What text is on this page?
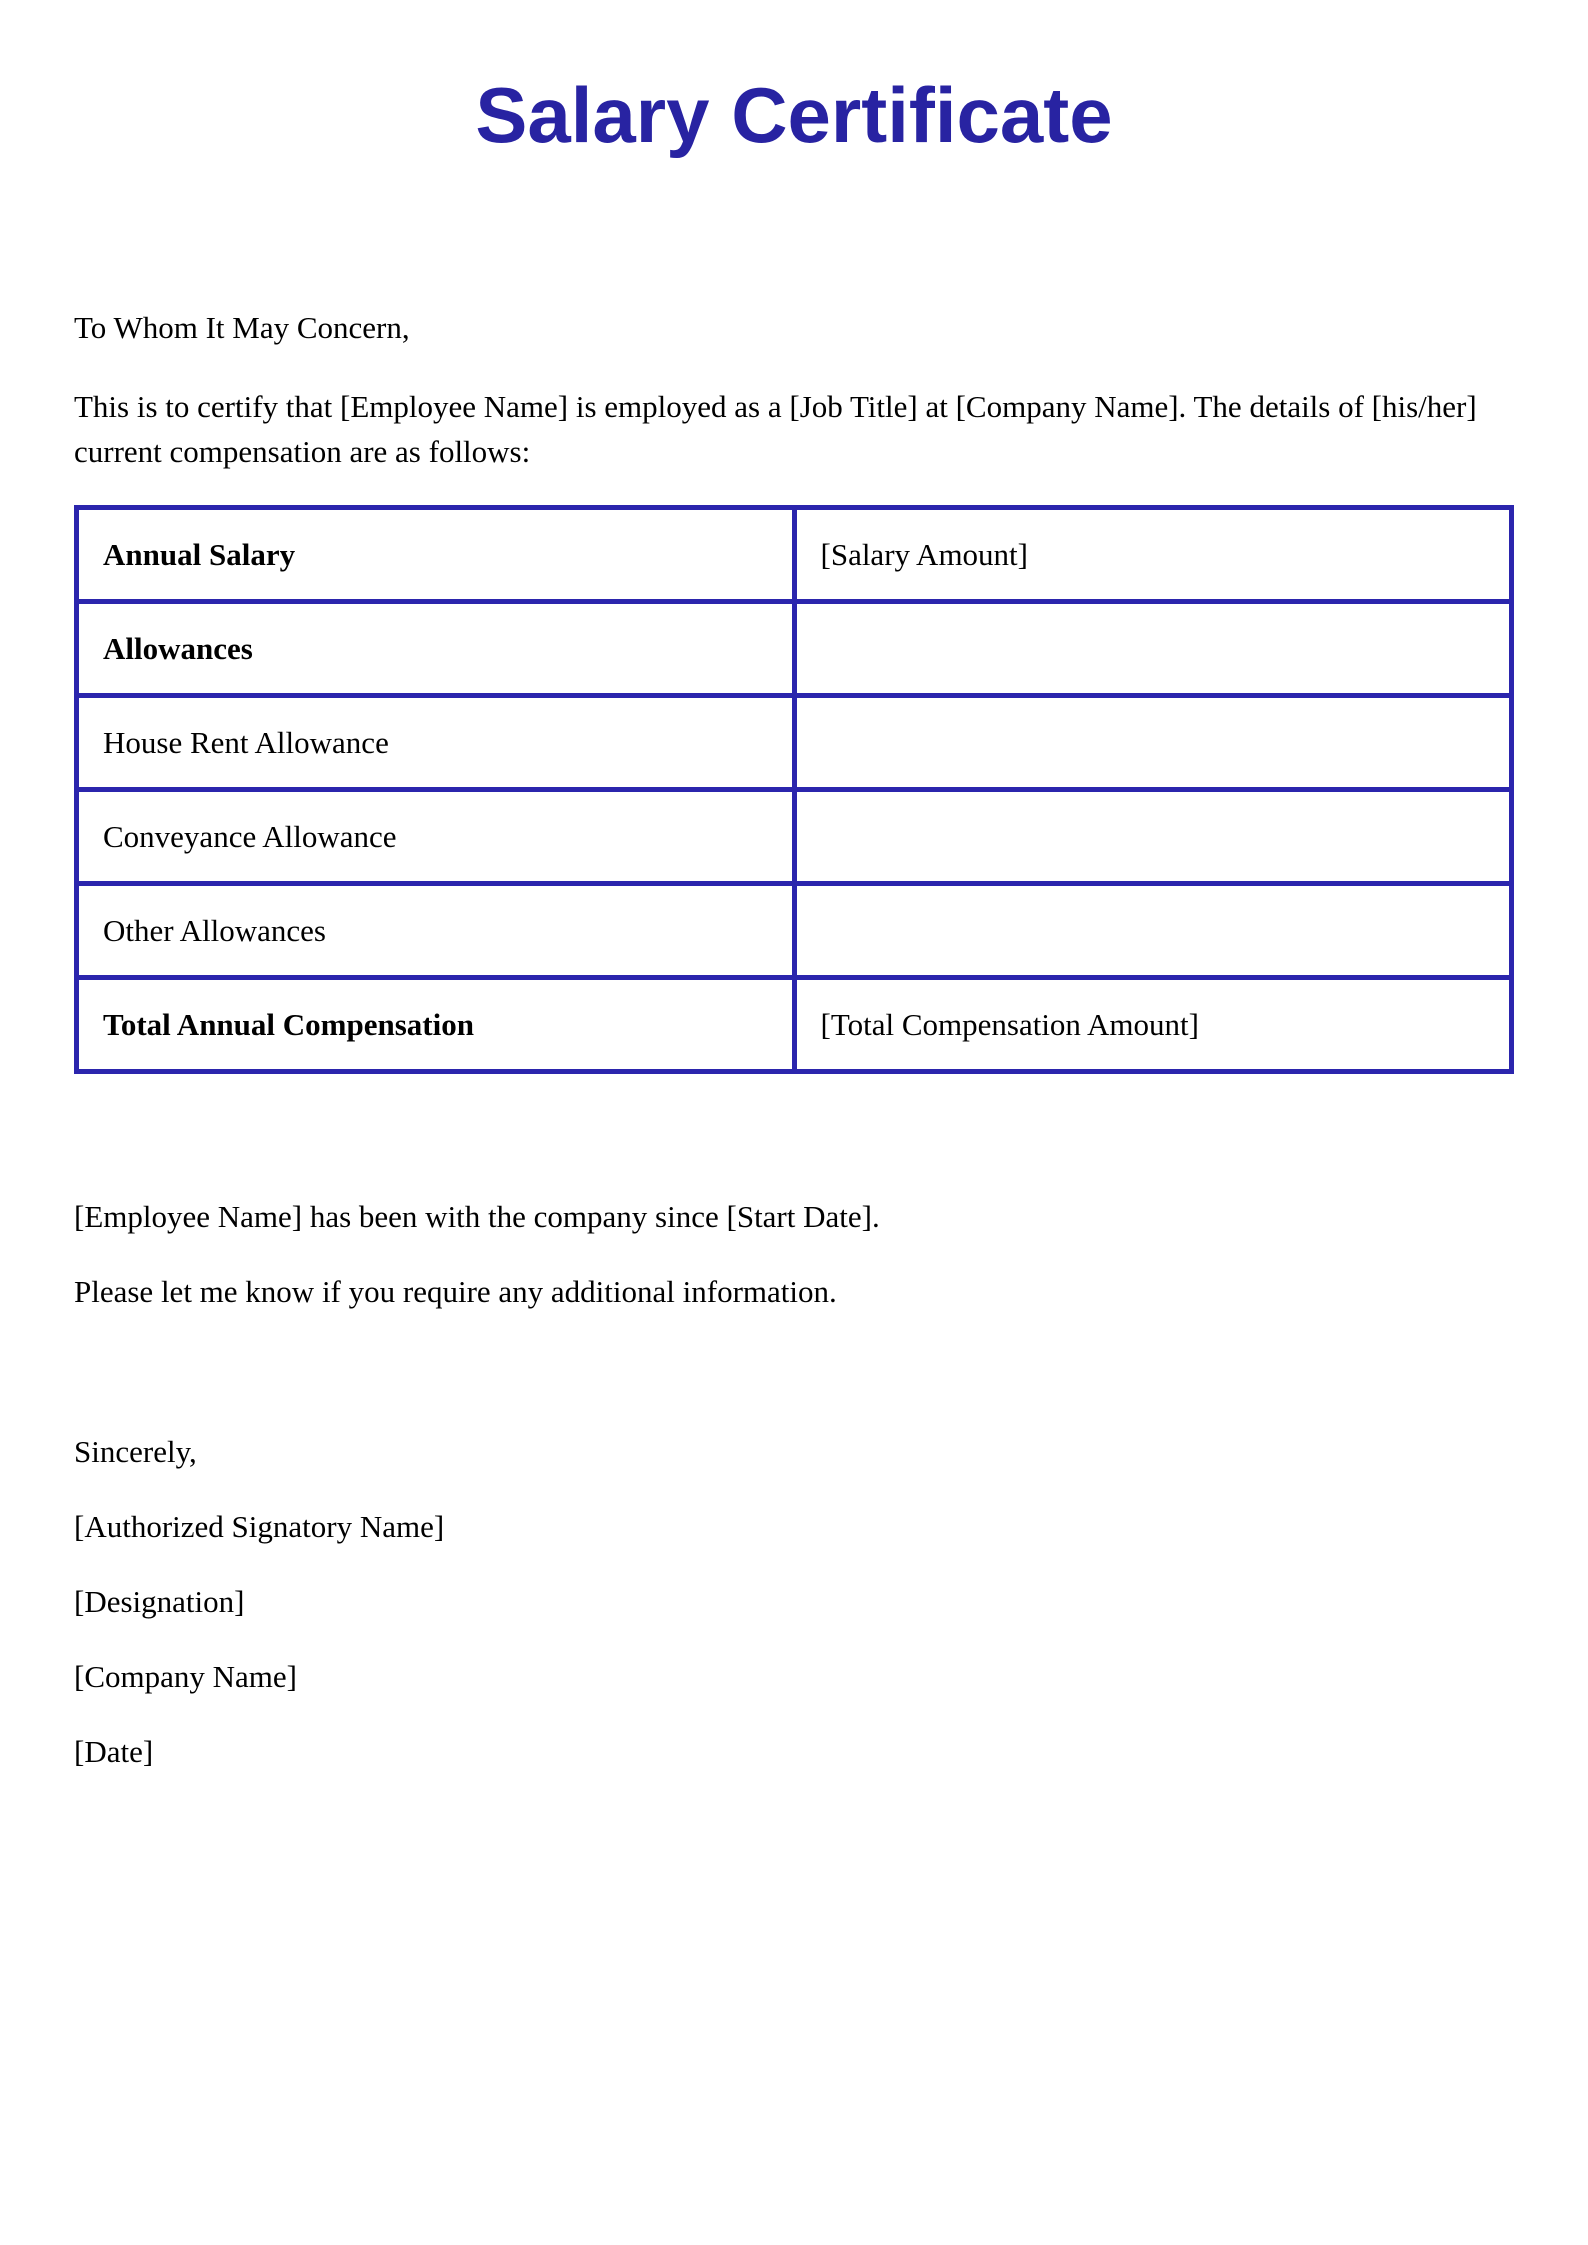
Salary Certificate

To Whom It May Concern,

This is to certify that [Employee Name] is employed as a [Job Title] at [Company Name]. The details of [his/her] current compensation are as follows:

Annual Salary	[Salary Amount]
Allowances	
House Rent Allowance	
Conveyance Allowance	
Other Allowances	
Total Annual Compensation	[Total Compensation Amount]

[Employee Name] has been with the company since [Start Date].

Please let me know if you require any additional information.

Sincerely,

[Authorized Signatory Name]

[Designation]

[Company Name]

[Date]
